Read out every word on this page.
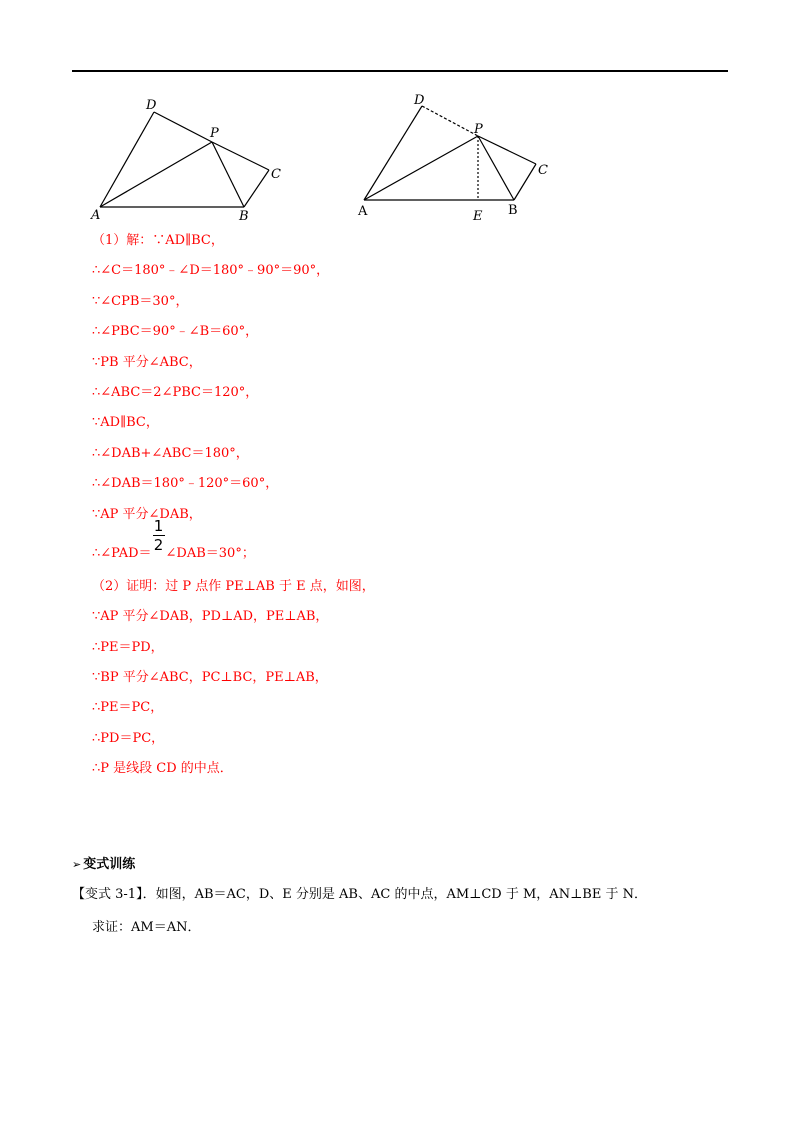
D
P
C
A	B
D
P
C
A	E B
（1）解：∵AD∥BC，
∴∠C＝180°﹣∠D＝180°﹣90°＝90°，
∵∠CPB＝30°，
∴∠PBC＝90°﹣∠B＝60°，
∵PB 平分∠ABC，
∴∠ABC＝2∠PBC＝120°，
∵AD∥BC，
∴∠DAB+∠ABC＝180°，
∴∠DAB＝180°﹣120°＝60°，
∵AP 平分∠DAB，
∴∠PAD＝ $\frac{1}{2}$ ∠DAB＝30°；
（2）证明：过 P 点作 PE⊥AB 于 E 点，如图，
∵AP 平分∠DAB，PD⊥AD，PE⊥AB，
∴PE＝PD，
∵BP 平分∠ABC，PC⊥BC，PE⊥AB，
∴PE＝PC，
∴PD＝PC，
∴P 是线段 CD 的中点．
➢ 变式训练
【变式 3-1】．如图，AB＝AC，D、E 分别是 AB、AC 的中点，AM⊥CD 于 M，AN⊥BE 于 N．
求证：AM＝AN．
